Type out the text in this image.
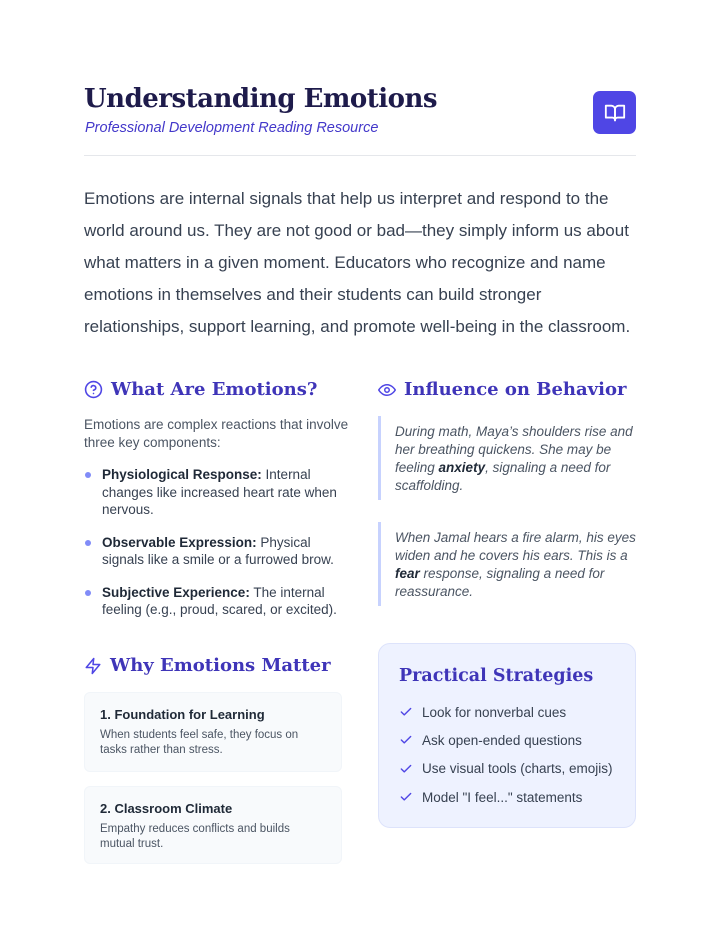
Understanding Emotions
Professional Development Reading Resource

Emotions are internal signals that help us interpret and respond to the world around us. They are not good or bad—they simply inform us about what matters in a given moment. Educators who recognize and name emotions in themselves and their students can build stronger relationships, support learning, and promote well-being in the classroom.

What Are Emotions?

Emotions are complex reactions that involve three key components:

Physiological Response: Internal changes like increased heart rate when nervous.
Observable Expression: Physical signals like a smile or a furrowed brow.
Subjective Experience: The internal feeling (e.g., proud, scared, or excited).
Influence on Behavior
During math, Maya’s shoulders rise and her breathing quickens. She may be feeling anxiety, signaling a need for scaffolding.
When Jamal hears a fire alarm, his eyes widen and he covers his ears. This is a fear response, signaling a need for reassurance.
Why Emotions Matter
1. Foundation for Learning
When students feel safe, they focus on tasks rather than stress.
2. Classroom Climate
Empathy reduces conflicts and builds mutual trust.
Practical Strategies
Look for nonverbal cues
Ask open-ended questions
Use visual tools (charts, emojis)
Model "I feel..." statements
